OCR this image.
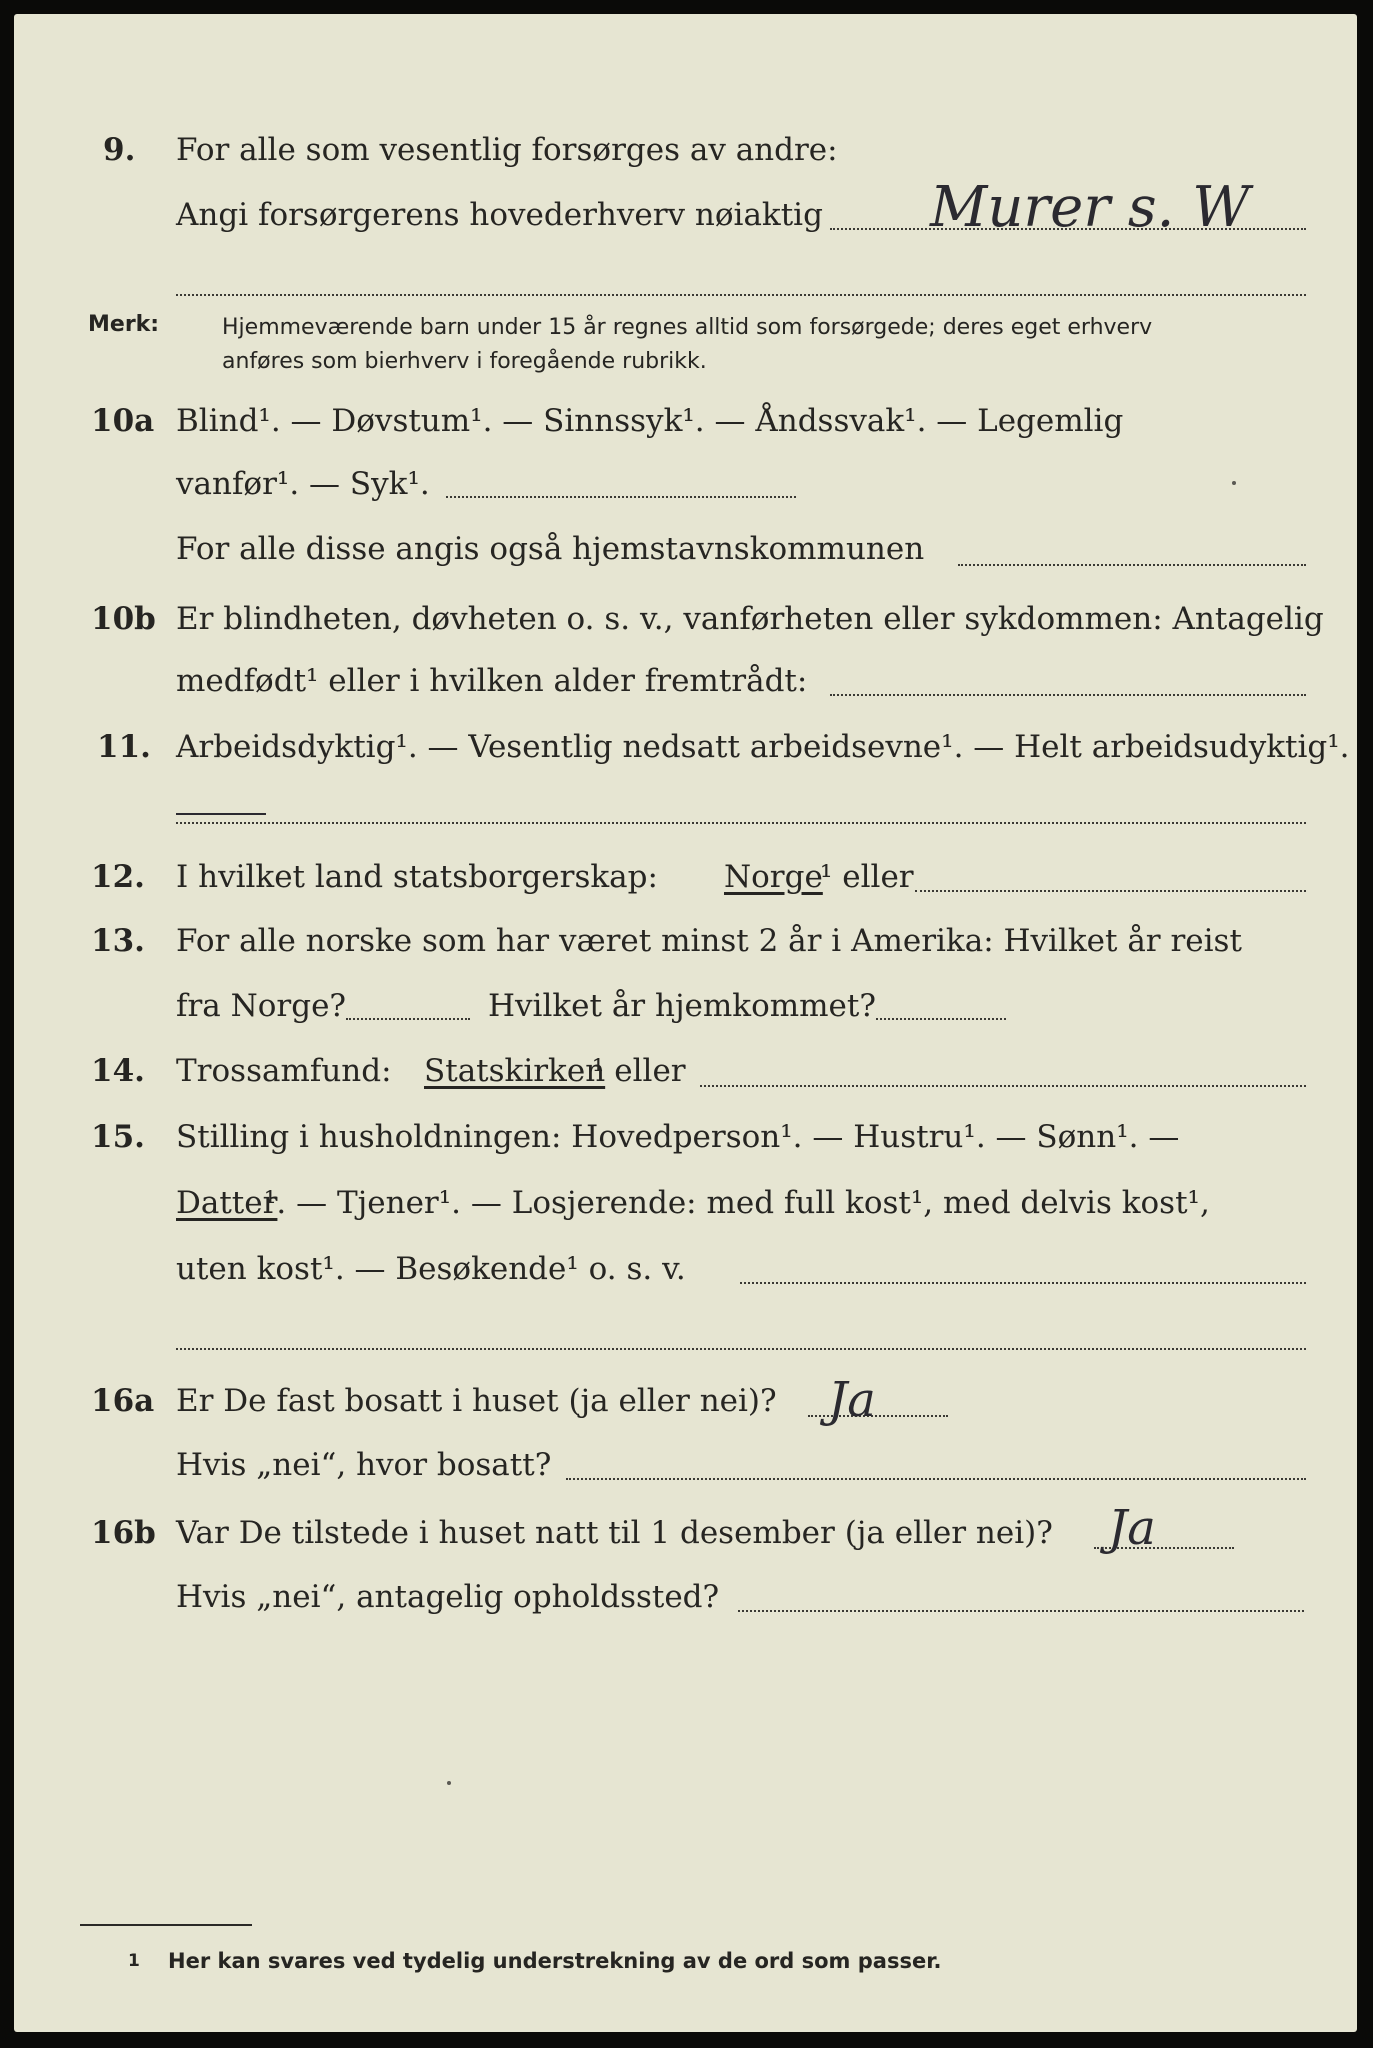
9. For alle som vesentlig forsørges av andre:
Angi forsørgerens hovederhverv nøiaktig Murer s. W
Merk:	Hjemmeværende barn under 15 år regnes alltid som forsørgede; deres eget erhverv
anføres som bierhverv i foregående rubrikk.
10a Blind¹. — Døvstum¹. — Sinnssyk¹. — Åndssvak¹. — Legemlig
vanfør¹. — Syk¹.
For alle disse angis også hjemstavnskommunen
10b Er blindheten, døvheten o. s. v., vanførheten eller sykdommen: Antagelig
medfødt¹ eller i hvilken alder fremtrådt:
11. Arbeidsdyktig¹. — Vesentlig nedsatt arbeidsevne¹. — Helt arbeidsudyktig¹.
12. I hvilket land statsborgerskap: Norge
¹ eller
13. For alle norske som har været minst 2 år i Amerika: Hvilket år reist
fra Norge?	Hvilket år hjemkommet?
14. Trossamfund: Statskirken
¹ eller
15. Stilling i husholdningen: Hovedperson¹. — Hustru¹. — Sønn¹. —
Datter
¹. — Tjener¹. — Losjerende: med full kost¹, med delvis kost¹,
uten kost¹. — Besøkende¹ o. s. v.
16a Er De fast bosatt i huset (ja eller nei)? Ja
Hvis „nei“, hvor bosatt?
16b Var De tilstede i huset natt til 1 desember (ja eller nei)? Ja
Hvis „nei“, antagelig opholdssted?
1 Her kan svares ved tydelig understrekning av de ord som passer.
